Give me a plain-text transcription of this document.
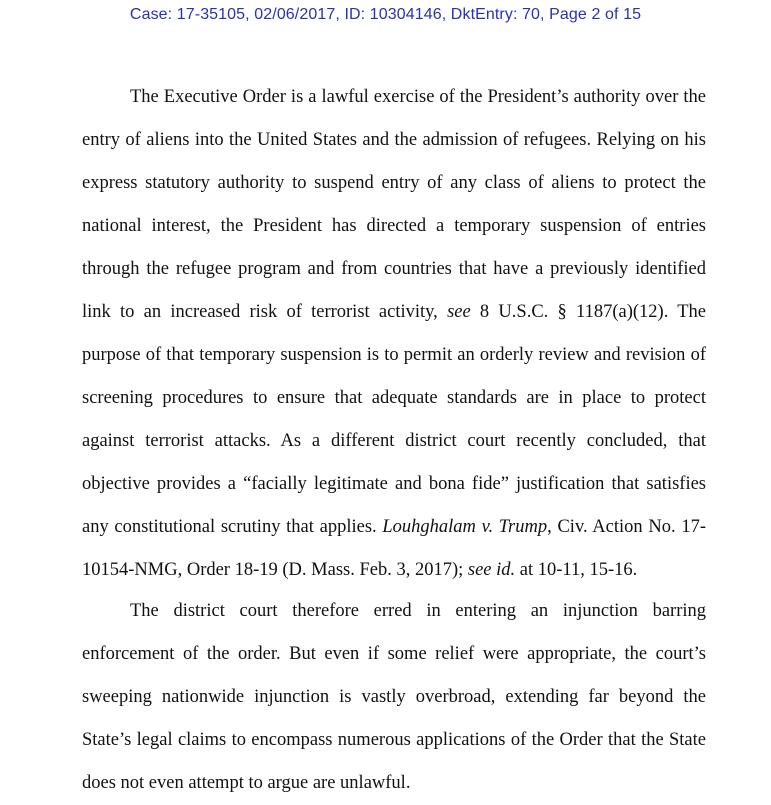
Case: 17-35105, 02/06/2017, ID: 10304146, DktEntry: 70, Page 2 of 15

The Executive Order is a lawful exercise of the President’s authority over the entry of aliens into the United States and the admission of refugees. Relying on his express statutory authority to suspend entry of any class of aliens to protect the national interest, the President has directed a temporary suspension of entries through the refugee program and from countries that have a previously identified link to an increased risk of terrorist activity, see 8 U.S.C. § 1187(a)(12). The purpose of that temporary suspension is to permit an orderly review and revision of screening procedures to ensure that adequate standards are in place to protect against terrorist attacks. As a different district court recently concluded, that objective provides a “facially legitimate and bona fide” justification that satisfies any constitutional scrutiny that applies. Louhghalam v. Trump, Civ. Action No. 17-10154-NMG, Order 18-19 (D. Mass. Feb. 3, 2017); see id. at 10-11, 15-16.

The district court therefore erred in entering an injunction barring enforcement of the order. But even if some relief were appropriate, the court’s sweeping nationwide injunction is vastly overbroad, extending far beyond the State’s legal claims to encompass numerous applications of the Order that the State does not even attempt to argue are unlawful.
